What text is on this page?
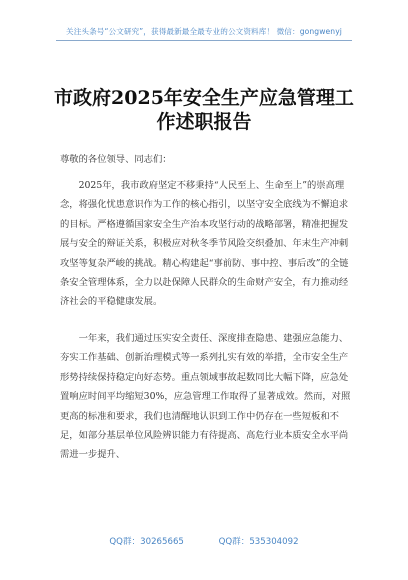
关注头条号“公文研究”，获得最新最全最专业的公文资料库！ 微信：gongwenyj
市政府2025年安全生产应急管理工作述职报告

尊敬的各位领导、同志们：

2025年，我市政府坚定不移秉持“人民至上、生命至上”的崇高理念，将强化忧患意识作为工作的核心指引，以坚守安全底线为不懈追求的目标。严格遵循国家安全生产治本攻坚行动的战略部署，精准把握发展与安全的辩证关系，积极应对秋冬季节风险交织叠加、年末生产冲刺攻坚等复杂严峻的挑战。精心构建起“事前防、事中控、事后改”的全链条安全管理体系，全力以赴保障人民群众的生命财产安全，有力推动经济社会的平稳健康发展。

一年来，我们通过压实安全责任、深度排查隐患、建强应急能力、夯实工作基础、创新治理模式等一系列扎实有效的举措，全市安全生产形势持续保持稳定向好态势。重点领域事故起数同比大幅下降，应急处置响应时间平均缩短30%，应急管理工作取得了显著成效。然而，对照更高的标准和要求，我们也清醒地认识到工作中仍存在一些短板和不足，如部分基层单位风险辨识能力有待提高、高危行业本质安全水平尚需进一步提升、

QQ群：30265665	QQ群：535304092
